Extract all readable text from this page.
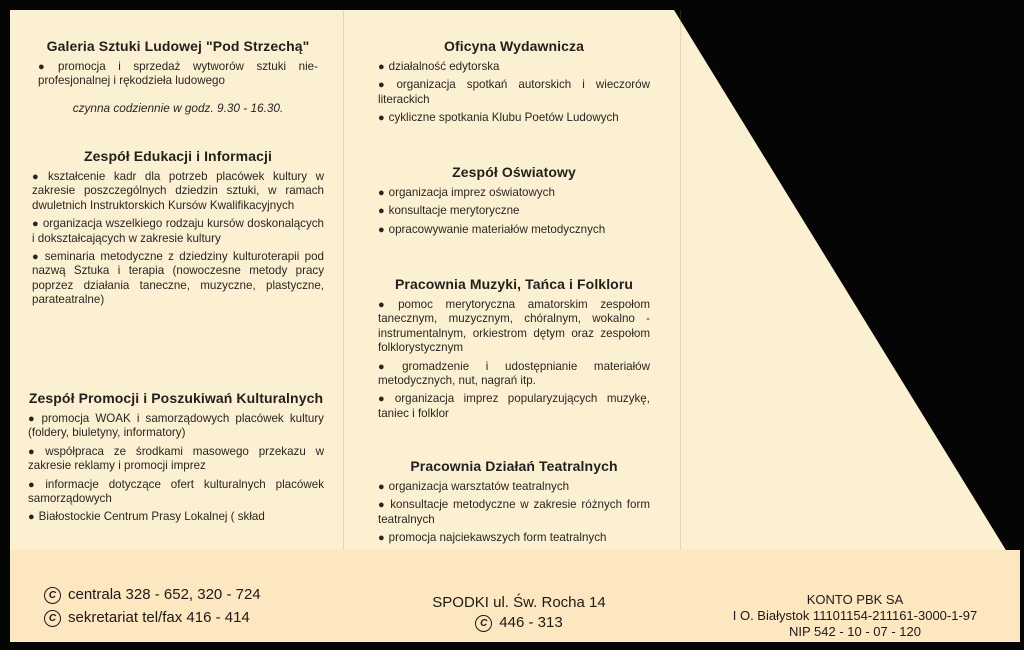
Galeria Sztuki Ludowej "Pod Strzechą"
● promocja i sprzedaż wytworów sztuki nie-profesjonalnej i rękodzieła ludowego
czynna codziennie w godz. 9.30 - 16.30.
Zespół Edukacji i Informacji
● kształcenie kadr dla potrzeb placówek kultury w zakresie poszczególnych dziedzin sztuki, w ramach dwuletnich Instruktorskich Kursów Kwalifikacyjnych
● organizacja wszelkiego rodzaju kursów doskonalących i dokształcających w zakresie kultury
● seminaria metodyczne z dziedziny kulturoterapii pod nazwą Sztuka i terapia (nowoczesne metody pracy poprzez działania taneczne, muzyczne, plastyczne, parateatralne)
Zespół Promocji i Poszukiwań Kulturalnych
● promocja WOAK i samorządowych placówek kultury (foldery, biuletyny, informatory)
● współpraca ze środkami masowego przekazu w zakresie reklamy i promocji imprez
● informacje dotyczące ofert kulturalnych placówek samorządowych
● Białostockie Centrum Prasy Lokalnej ( skład
Oficyna Wydawnicza
● działalność edytorska
● organizacja spotkań autorskich i wieczorów literackich
● cykliczne spotkania Klubu Poetów Ludowych
Zespół Oświatowy
● organizacja imprez oświatowych
● konsultacje merytoryczne
● opracowywanie materiałów metodycznych
Pracownia Muzyki, Tańca i Folkloru
● pomoc merytoryczna amatorskim zespołom tanecznym, muzycznym, chóralnym, wokalno - instrumentalnym, orkiestrom dętym oraz zespołom folklorystycznym
● gromadzenie i udostępnianie materiałów metodycznych, nut, nagrań itp.
● organizacja imprez popularyzujących muzykę, taniec i folklor
Pracownia Działań Teatralnych
● organizacja warsztatów teatralnych
● konsultacje metodyczne w zakresie różnych form teatralnych
● promocja najciekawszych form teatralnych
C centrala 328 - 652, 320 - 724
C sekretariat tel/fax 416 - 414
SPODKI ul. Św. Rocha 14
C 446 - 313
KONTO PBK SA
I O. Białystok 11101154-211161-3000-1-97
NIP 542 - 10 - 07 - 120
